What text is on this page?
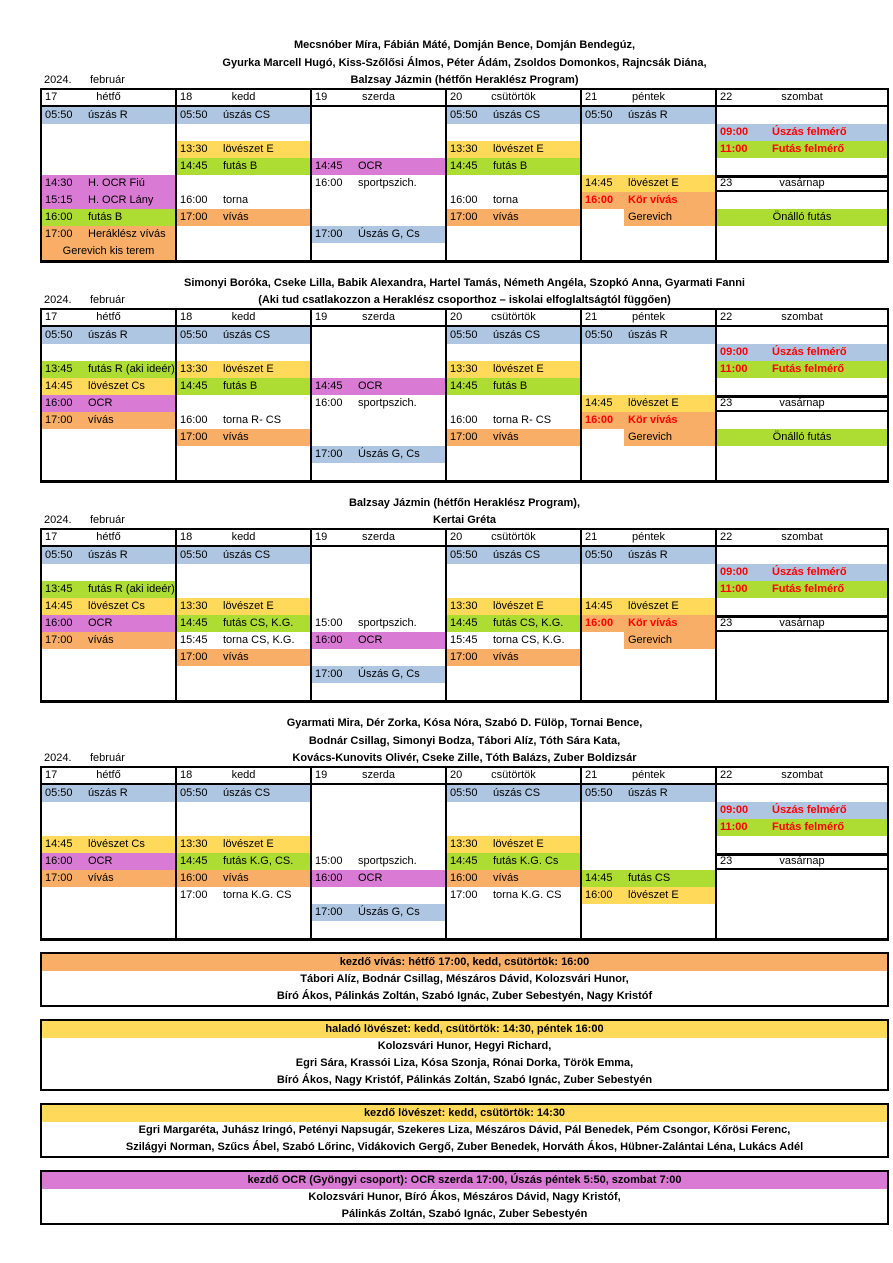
Mecsnóber Míra, Fábián Máté, Domján Bence, Domján Bendegúz,
Gyurka Marcell Hugó, Kiss-Szőlősi Álmos, Péter Ádám, Zsoldos Domonkos, Rajncsák Diána,
2024. február	Balzsay Jázmin (hétfőn Heraklész Program)
17	hétfő
05:50 úszás R
14:30 H. OCR Fiú
15:15 H. OCR Lány
16:00 futás B
17:00 Heráklész vívás
Gerevich kis terem
18	kedd
05:50 úszás CS
13:30 lövészet E
14:45 futás B
16:00 torna
17:00 vívás
19	szerda
14:45 OCR
16:00 sportpszich.
17:00 Úszás G, Cs
20	csütörtök
05:50 úszás CS
13:30 lövészet E
14:45 futás B
16:00 torna
17:00 vívás
21	péntek
05:50 úszás R
14:45 lövészet E
16:00 Kör vívás
Gerevich
22	szombat
09:00 Úszás felmérő
11:00 Futás felmérő
23	vasárnap
Önálló futás
Simonyi Boróka, Cseke Lilla, Babik Alexandra, Hartel Tamás, Németh Angéla, Szopkó Anna, Gyarmati Fanni
2024. február	(Aki tud csatlakozzon a Heraklész csoporthoz – iskolai elfoglaltságtól függően)
17	hétfő
05:50 úszás R
13:45 futás R (aki ideér)
14:45 lövészet Cs
16:00 OCR
17:00 vívás
18	kedd
05:50 úszás CS
13:30 lövészet E
14:45 futás B
16:00 torna R- CS
17:00 vívás
19	szerda
14:45 OCR
16:00 sportpszich.
17:00 Úszás G, Cs
20	csütörtök
05:50 úszás CS
13:30 lövészet E
14:45 futás B
16:00 torna R- CS
17:00 vívás
21	péntek
05:50 úszás R
14:45 lövészet E
16:00 Kör vívás
Gerevich
22	szombat
09:00 Úszás felmérő
11:00 Futás felmérő
23	vasárnap
Önálló futás
Balzsay Jázmin (hétfőn Heraklész Program),
2024. február	Kertai Gréta
17	hétfő
05:50 úszás R
13:45 futás R (aki ideér)
14:45 lövészet Cs
16:00 OCR
17:00 vívás
18	kedd
05:50 úszás CS
13:30 lövészet E
14:45 futás CS, K.G.
15:45 torna CS, K.G.
17:00 vívás
19	szerda
15:00 sportpszich.
16:00 OCR
17:00 Úszás G, Cs
20	csütörtök
05:50 úszás CS
13:30 lövészet E
14:45 futás CS, K.G.
15:45 torna CS, K.G.
17:00 vívás
21	péntek
05:50 úszás R
14:45 lövészet E
16:00 Kör vívás
Gerevich
22	szombat
09:00 Úszás felmérő
11:00 Futás felmérő
23	vasárnap
Gyarmati Mira, Dér Zorka, Kósa Nóra, Szabó D. Fülöp, Tornai Bence,
Bodnár Csillag, Simonyi Bodza, Tábori Alíz, Tóth Sára Kata,
2024. február	Kovács-Kunovits Olivér, Cseke Zille, Tóth Balázs, Zuber Boldizsár
17	hétfő
05:50 úszás R
14:45 lövészet Cs
16:00 OCR
17:00 vívás
18	kedd
05:50 úszás CS
13:30 lövészet E
14:45 futás K.G, CS.
16:00 vívás
17:00 torna K.G. CS
19	szerda
15:00 sportpszich.
16:00 OCR
17:00 Úszás G, Cs
20	csütörtök
05:50 úszás CS
13:30 lövészet E
14:45 futás K.G. Cs
16:00 vívás
17:00 torna K.G. CS
21	péntek
05:50 úszás R
14:45 futás CS
16:00 lövészet E
22	szombat
09:00 Úszás felmérő
11:00 Futás felmérő
23	vasárnap
kezdő vívás: hétfő 17:00, kedd, csütörtök: 16:00
Tábori Alíz, Bodnár Csillag, Mészáros Dávid, Kolozsvári Hunor,
Bíró Ákos, Pálinkás Zoltán, Szabó Ignác, Zuber Sebestyén, Nagy Kristóf
haladó lövészet: kedd, csütörtök: 14:30, péntek 16:00
Kolozsvári Hunor, Hegyi Richard,
Egri Sára, Krassói Liza, Kósa Szonja, Rónai Dorka, Török Emma,
Bíró Ákos, Nagy Kristóf, Pálinkás Zoltán, Szabó Ignác, Zuber Sebestyén
kezdő lövészet: kedd, csütörtök: 14:30
Egri Margaréta, Juhász Iringó, Petényi Napsugár, Szekeres Liza, Mészáros Dávid, Pál Benedek, Pém Csongor, Kőrösi Ferenc,
Szilágyi Norman, Szűcs Ábel, Szabó Lőrinc, Vidákovich Gergő, Zuber Benedek, Horváth Ákos, Hübner-Zalántai Léna, Lukács Adél
kezdő OCR (Gyöngyi csoport): OCR szerda 17:00, Úszás péntek 5:50, szombat 7:00
Kolozsvári Hunor, Bíró Ákos, Mészáros Dávid, Nagy Kristóf,
Pálinkás Zoltán, Szabó Ignác, Zuber Sebestyén
